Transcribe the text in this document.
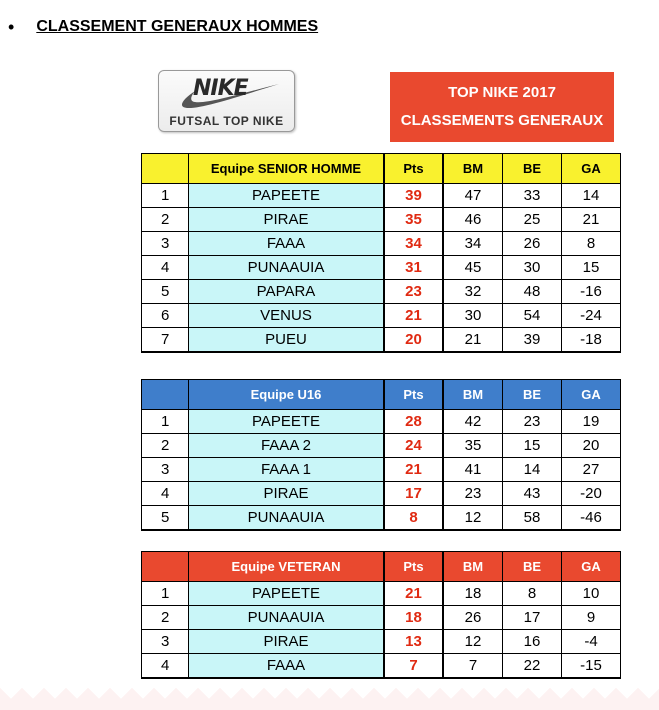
• CLASSEMENT GENERAUX HOMMES
NIKE
FUTSAL TOP NIKE
TOP NIKE 2017
CLASSEMENTS GENERAUX
	Equipe SENIOR HOMME	Pts	BM	BE	GA
1	PAPEETE	39	47	33	14
2	PIRAE	35	46	25	21
3	FAAA	34	34	26	8
4	PUNAAUIA	31	45	30	15
5	PAPARA	23	32	48	-16
6	VENUS	21	30	54	-24
7	PUEU	20	21	39	-18
	Equipe U16	Pts	BM	BE	GA
1	PAPEETE	28	42	23	19
2	FAAA 2	24	35	15	20
3	FAAA 1	21	41	14	27
4	PIRAE	17	23	43	-20
5	PUNAAUIA	8	12	58	-46
	Equipe VETERAN	Pts	BM	BE	GA
1	PAPEETE	21	18	8	10
2	PUNAAUIA	18	26	17	9
3	PIRAE	13	12	16	-4
4	FAAA	7	7	22	-15
